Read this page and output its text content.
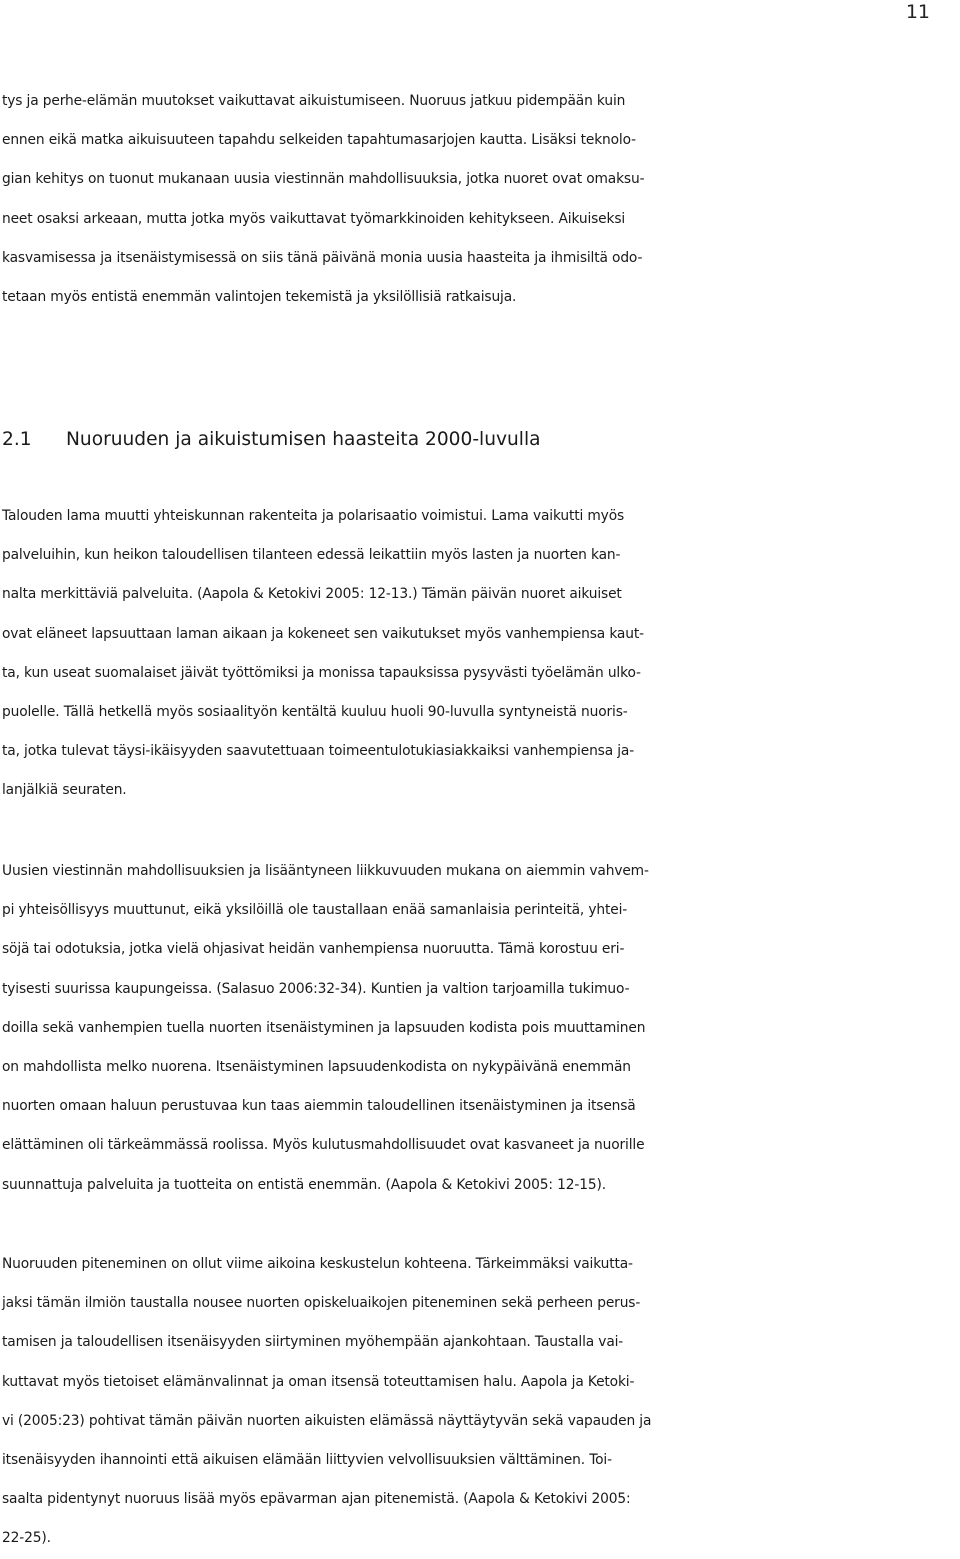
11
tys ja perhe-elämän muutokset vaikuttavat aikuistumiseen. Nuoruus jatkuu pidempään kuin
ennen eikä matka aikuisuuteen tapahdu selkeiden tapahtumasarjojen kautta. Lisäksi teknolo-
gian kehitys on tuonut mukanaan uusia viestinnän mahdollisuuksia, jotka nuoret ovat omaksu-
neet osaksi arkeaan, mutta jotka myös vaikuttavat työmarkkinoiden kehitykseen. Aikuiseksi
kasvamisessa ja itsenäistymisessä on siis tänä päivänä monia uusia haasteita ja ihmisiltä odo-
tetaan myös entistä enemmän valintojen tekemistä ja yksilöllisiä ratkaisuja.
2.1 Nuoruuden ja aikuistumisen haasteita 2000-luvulla
Talouden lama muutti yhteiskunnan rakenteita ja polarisaatio voimistui. Lama vaikutti myös
palveluihin, kun heikon taloudellisen tilanteen edessä leikattiin myös lasten ja nuorten kan-
nalta merkittäviä palveluita. (Aapola & Ketokivi 2005: 12-13.) Tämän päivän nuoret aikuiset
ovat eläneet lapsuuttaan laman aikaan ja kokeneet sen vaikutukset myös vanhempiensa kaut-
ta, kun useat suomalaiset jäivät työttömiksi ja monissa tapauksissa pysyvästi työelämän ulko-
puolelle. Tällä hetkellä myös sosiaalityön kentältä kuuluu huoli 90-luvulla syntyneistä nuoris-
ta, jotka tulevat täysi-ikäisyyden saavutettuaan toimeentulotukiasiakkaiksi vanhempiensa ja-
lanjälkiä seuraten.
Uusien viestinnän mahdollisuuksien ja lisääntyneen liikkuvuuden mukana on aiemmin vahvem-
pi yhteisöllisyys muuttunut, eikä yksilöillä ole taustallaan enää samanlaisia perinteitä, yhtei-
söjä tai odotuksia, jotka vielä ohjasivat heidän vanhempiensa nuoruutta. Tämä korostuu eri-
tyisesti suurissa kaupungeissa. (Salasuo 2006:32-34). Kuntien ja valtion tarjoamilla tukimuo-
doilla sekä vanhempien tuella nuorten itsenäistyminen ja lapsuuden kodista pois muuttaminen
on mahdollista melko nuorena. Itsenäistyminen lapsuudenkodista on nykypäivänä enemmän
nuorten omaan haluun perustuvaa kun taas aiemmin taloudellinen itsenäistyminen ja itsensä
elättäminen oli tärkeämmässä roolissa. Myös kulutusmahdollisuudet ovat kasvaneet ja nuorille
suunnattuja palveluita ja tuotteita on entistä enemmän. (Aapola & Ketokivi 2005: 12-15).
Nuoruuden piteneminen on ollut viime aikoina keskustelun kohteena. Tärkeimmäksi vaikutta-
jaksi tämän ilmiön taustalla nousee nuorten opiskeluaikojen piteneminen sekä perheen perus-
tamisen ja taloudellisen itsenäisyyden siirtyminen myöhempään ajankohtaan. Taustalla vai-
kuttavat myös tietoiset elämänvalinnat ja oman itsensä toteuttamisen halu. Aapola ja Ketoki-
vi (2005:23) pohtivat tämän päivän nuorten aikuisten elämässä näyttäytyvän sekä vapauden ja
itsenäisyyden ihannointi että aikuisen elämään liittyvien velvollisuuksien välttäminen. Toi-
saalta pidentynyt nuoruus lisää myös epävarman ajan pitenemistä. (Aapola & Ketokivi 2005:
22-25).
